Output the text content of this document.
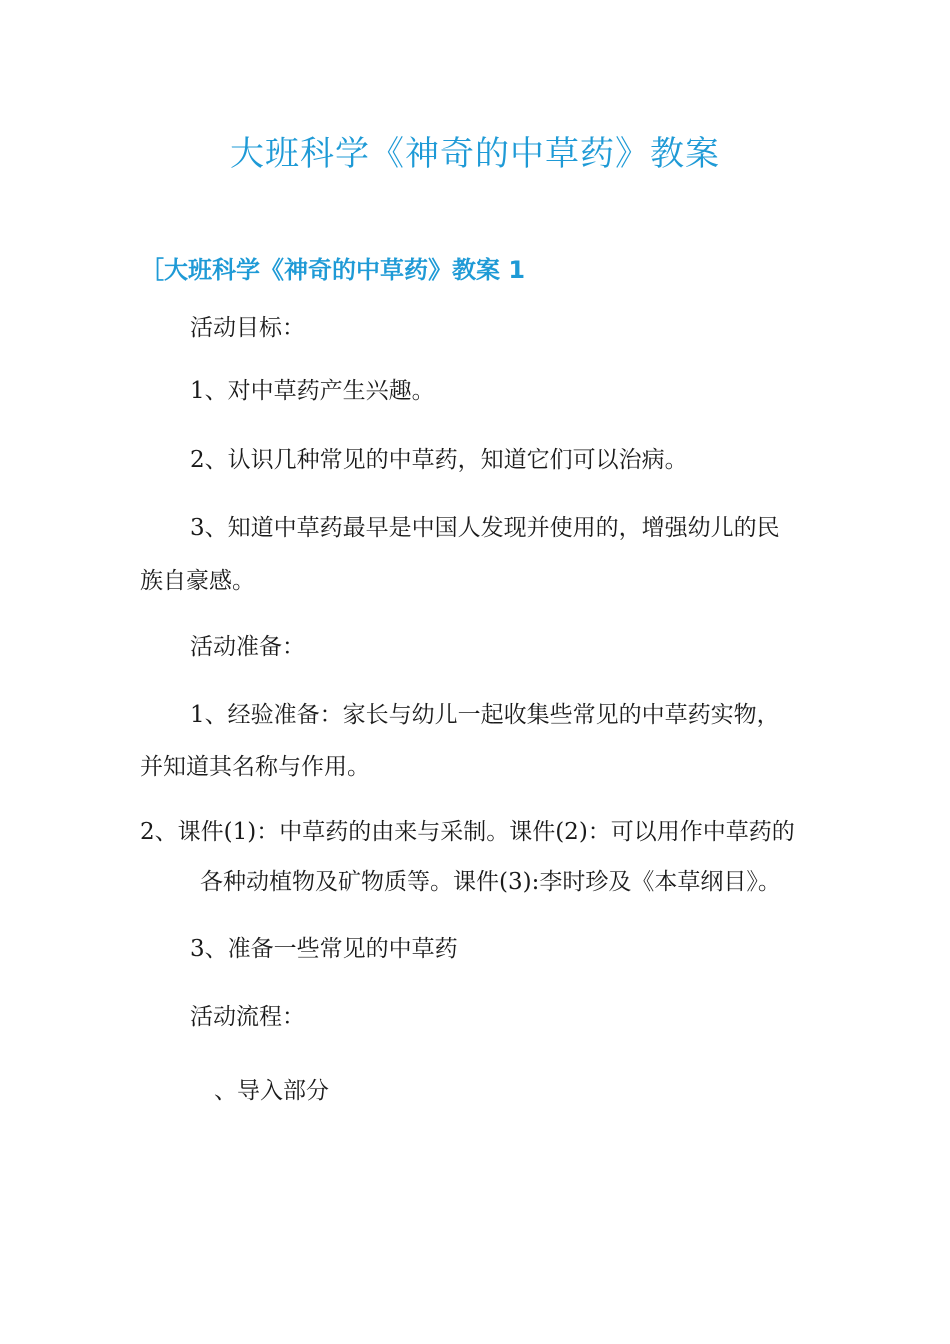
大班科学《神奇的中草药》教案
［大班科学《神奇的中草药》教案 1

活动目标：

1、对中草药产生兴趣。

2、认识几种常见的中草药，知道它们可以治病。

3、知道中草药最早是中国人发现并使用的，增强幼儿的民

族自豪感。

活动准备：

1、经验准备：家长与幼儿一起收集些常见的中草药实物，

并知道其名称与作用。

2、课件(1)：中草药的由来与采制。课件(2)：可以用作中草药的

各种动植物及矿物质等。课件(3):李时珍及《本草纲目》。

3、准备一些常见的中草药

活动流程：

、导入部分
